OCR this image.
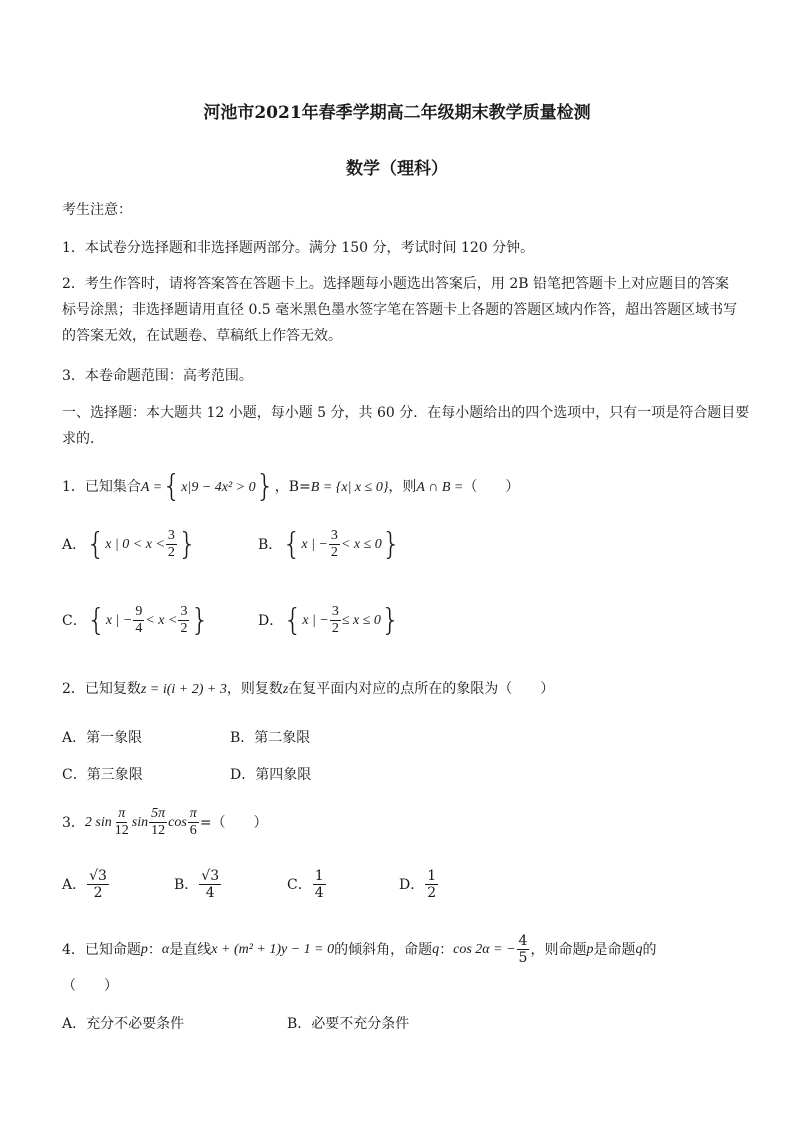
河池市2021年春季学期高二年级期末教学质量检测
数学（理科）
考生注意：
1．本试卷分选择题和非选择题两部分。满分 150 分，考试时间 120 分钟。
2．考生作答时，请将答案答在答题卡上。选择题每小题选出答案后，用 2B 铅笔把答题卡上对应题目的答案
标号涂黑；非选择题请用直径 0.5 毫米黑色墨水签字笔在答题卡上各题的答题区域内作答，超出答题区域书写
的答案无效，在试题卷、草稿纸上作答无效。
3．本卷命题范围：高考范围。
一、选择题：本大题共 12 小题，每小题 5 分，共 60 分．在每小题给出的四个选项中，只有一项是符合题目要
求的．
1．已知集合A ={x|9 − 4x² > 0}，B=B = {x| x ≤ 0}，则A ∩ B =（　　）
A． { x | $0 < x < \frac{3}{2}$ }	B． { x | − $\frac{3}{2} < x \le 0$ }
C． { x | − $\frac{9}{4} < x < \frac{3}{2}$ }	D． { x | − $\frac{3}{2} \le x \le 0$ }
2．已知复数z = i(i + 2) + 3，则复数z在复平面内对应的点所在的象限为（　　）
A．第一象限	B．第二象限
C．第三象限	D．第四象限
3． 2 $\sin \frac{\pi}{12}$ $\sin \frac{5\pi}{12}$ $\cos \frac{\pi}{6}$ =（　　）
A． $\frac{√3}{2}$	B． $\frac{√3}{4}$	C． $\frac{1}{4}$	D． $\frac{1}{2}$
4．已知命题 p ： α 是直线 x + (m² + 1)y − 1 = 0 的倾斜角，命题 q ： cos 2α = − $\frac{4}{5}$ ，则命题 p 是命题 q 的
（　　）
A．充分不必要条件	B．必要不充分条件
